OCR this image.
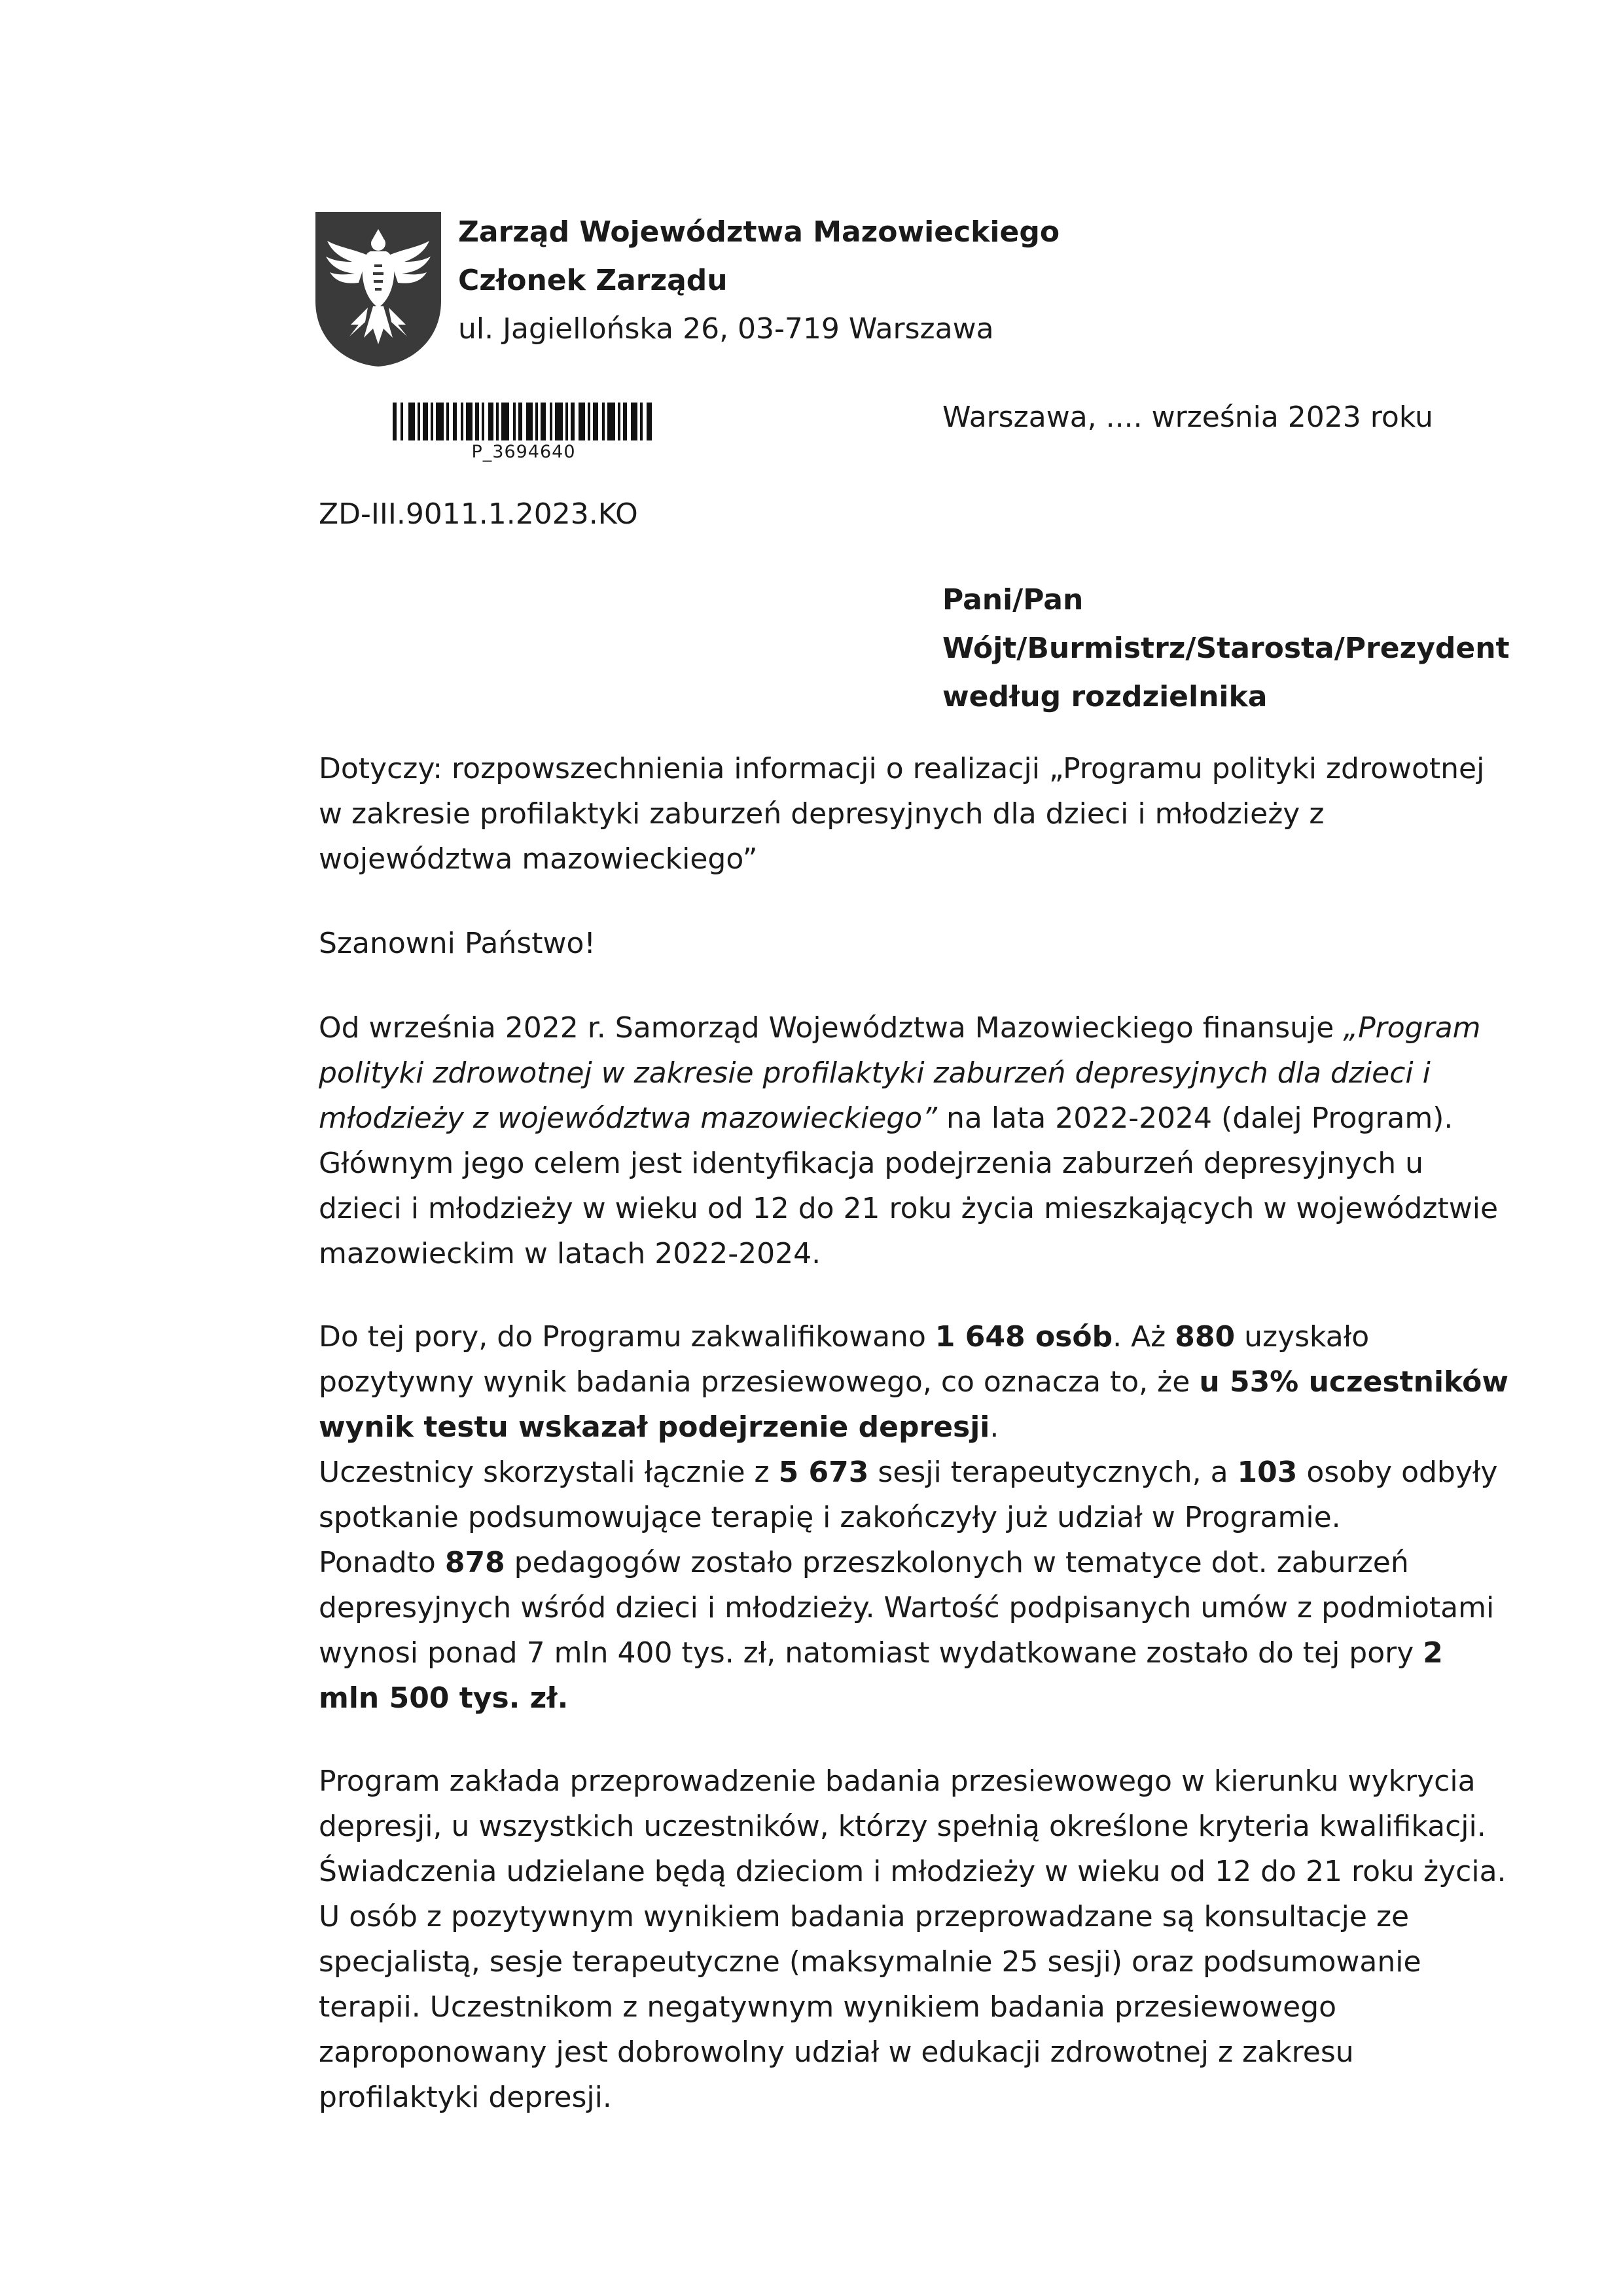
Zarząd Województwa Mazowieckiego
Członek Zarządu
ul. Jagiellońska 26, 03-719 Warszawa
P_3694640
Warszawa, .... września 2023 roku
ZD-III.9011.1.2023.KO
Pani/Pan
Wójt/Burmistrz/Starosta/Prezydent
według rozdzielnika

Dotyczy: rozpowszechnienia informacji o realizacji „Programu polityki zdrowotnej w zakresie profilaktyki zaburzeń depresyjnych dla dzieci i młodzieży z województwa mazowieckiego”

Szanowni Państwo!

Od września 2022 r. Samorząd Województwa Mazowieckiego finansuje „Program polityki zdrowotnej w zakresie profilaktyki zaburzeń depresyjnych dla dzieci i młodzieży z województwa mazowieckiego” na lata 2022-2024 (dalej Program). Głównym jego celem jest identyfikacja podejrzenia zaburzeń depresyjnych u dzieci i młodzieży w wieku od 12 do 21 roku życia mieszkających w województwie mazowieckim w latach 2022-2024.

Do tej pory, do Programu zakwalifikowano 1 648 osób. Aż 880 uzyskało pozytywny wynik badania przesiewowego, co oznacza to, że u 53% uczestników wynik testu wskazał podejrzenie depresji.

Uczestnicy skorzystali łącznie z 5 673 sesji terapeutycznych, a 103 osoby odbyły spotkanie podsumowujące terapię i zakończyły już udział w Programie.

Ponadto 878 pedagogów zostało przeszkolonych w tematyce dot. zaburzeń depresyjnych wśród dzieci i młodzieży. Wartość podpisanych umów z podmiotami wynosi ponad 7 mln 400 tys. zł, natomiast wydatkowane zostało do tej pory 2 mln 500 tys. zł.

Program zakłada przeprowadzenie badania przesiewowego w kierunku wykrycia depresji, u wszystkich uczestników, którzy spełnią określone kryteria kwalifikacji. Świadczenia udzielane będą dzieciom i młodzieży w wieku od 12 do 21 roku życia. U osób z pozytywnym wynikiem badania przeprowadzane są konsultacje ze specjalistą, sesje terapeutyczne (maksymalnie 25 sesji) oraz podsumowanie terapii. Uczestnikom z negatywnym wynikiem badania przesiewowego zaproponowany jest dobrowolny udział w edukacji zdrowotnej z zakresu profilaktyki depresji.
